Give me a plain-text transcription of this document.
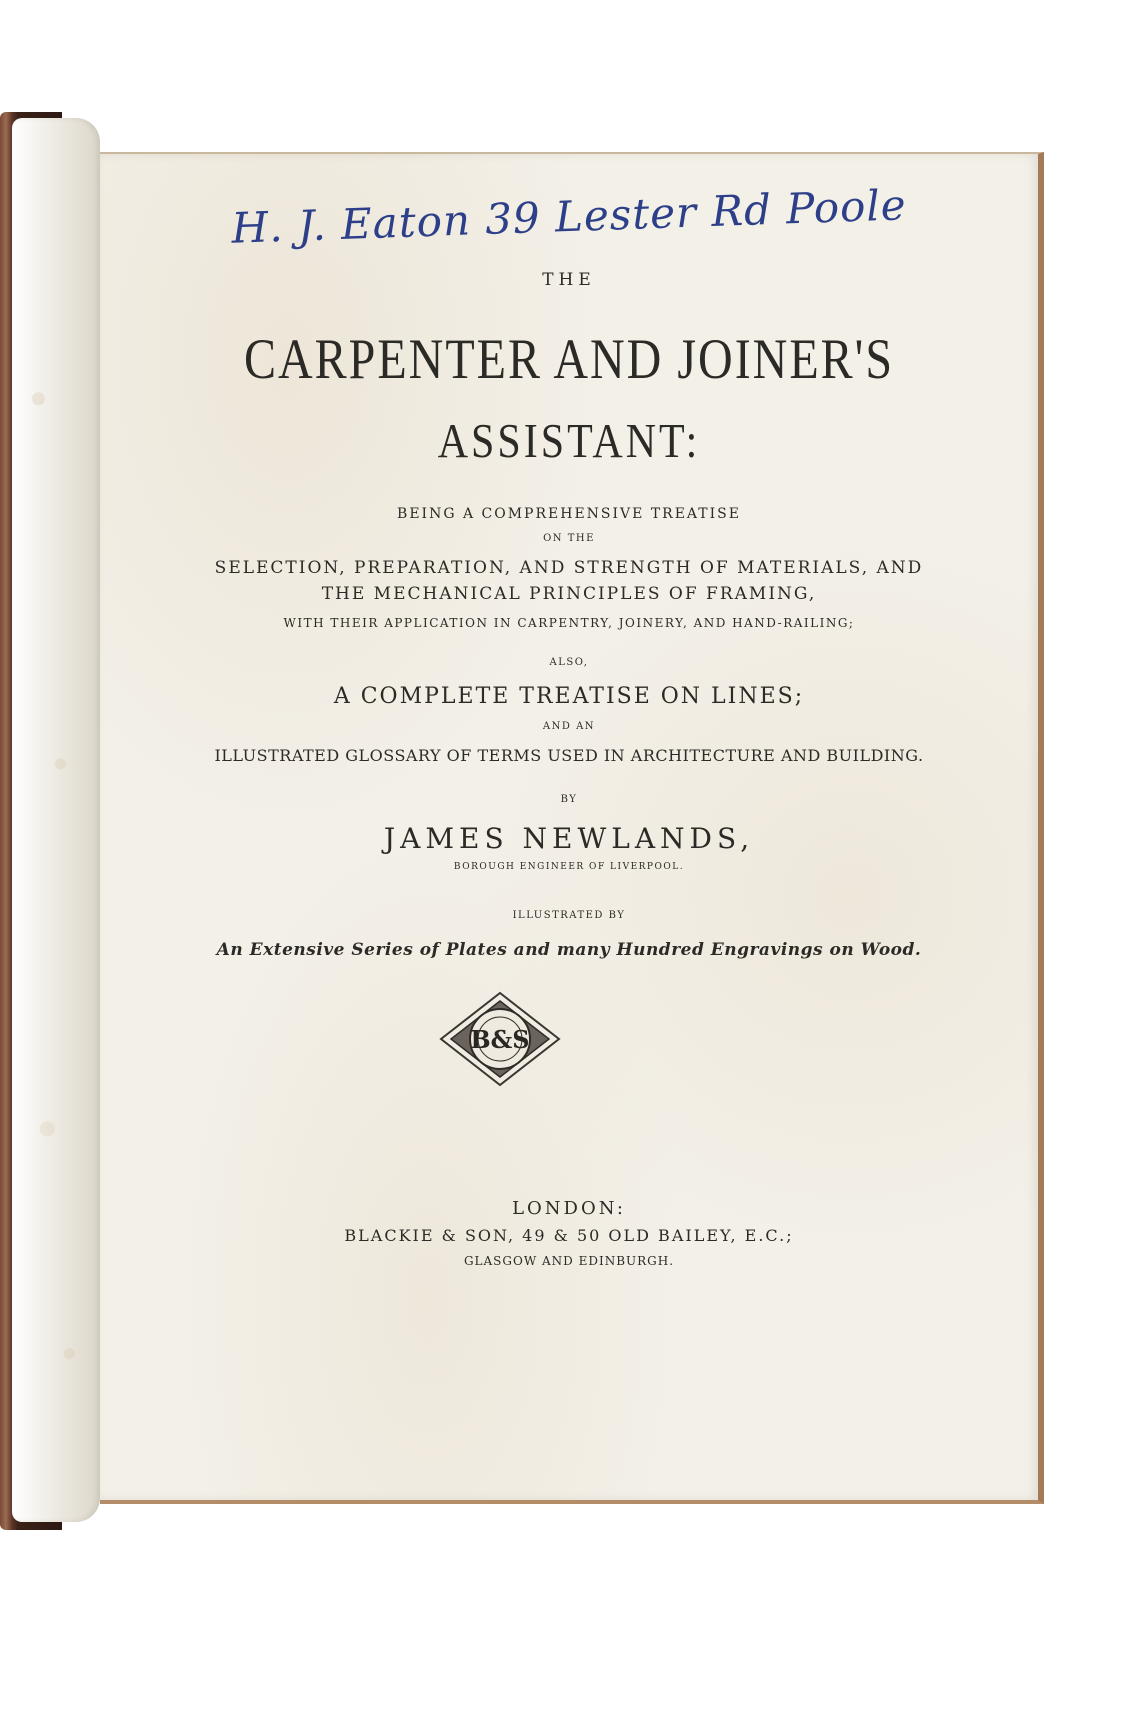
H. J. Eaton 39 Lester Rd Poole

THE

CARPENTER AND JOINER'S

ASSISTANT:

BEING A COMPREHENSIVE TREATISE

ON THE

SELECTION, PREPARATION, AND STRENGTH OF MATERIALS, AND

THE MECHANICAL PRINCIPLES OF FRAMING,

WITH THEIR APPLICATION IN CARPENTRY, JOINERY, AND HAND-RAILING;

ALSO,

A COMPLETE TREATISE ON LINES;

AND AN

ILLUSTRATED GLOSSARY OF TERMS USED IN ARCHITECTURE AND BUILDING.

BY

JAMES NEWLANDS,

BOROUGH ENGINEER OF LIVERPOOL.

ILLUSTRATED BY

An Extensive Series of Plates and many Hundred Engravings on Wood.

B&S

LONDON:

BLACKIE & SON, 49 & 50 OLD BAILEY, E.C.;

GLASGOW AND EDINBURGH.
